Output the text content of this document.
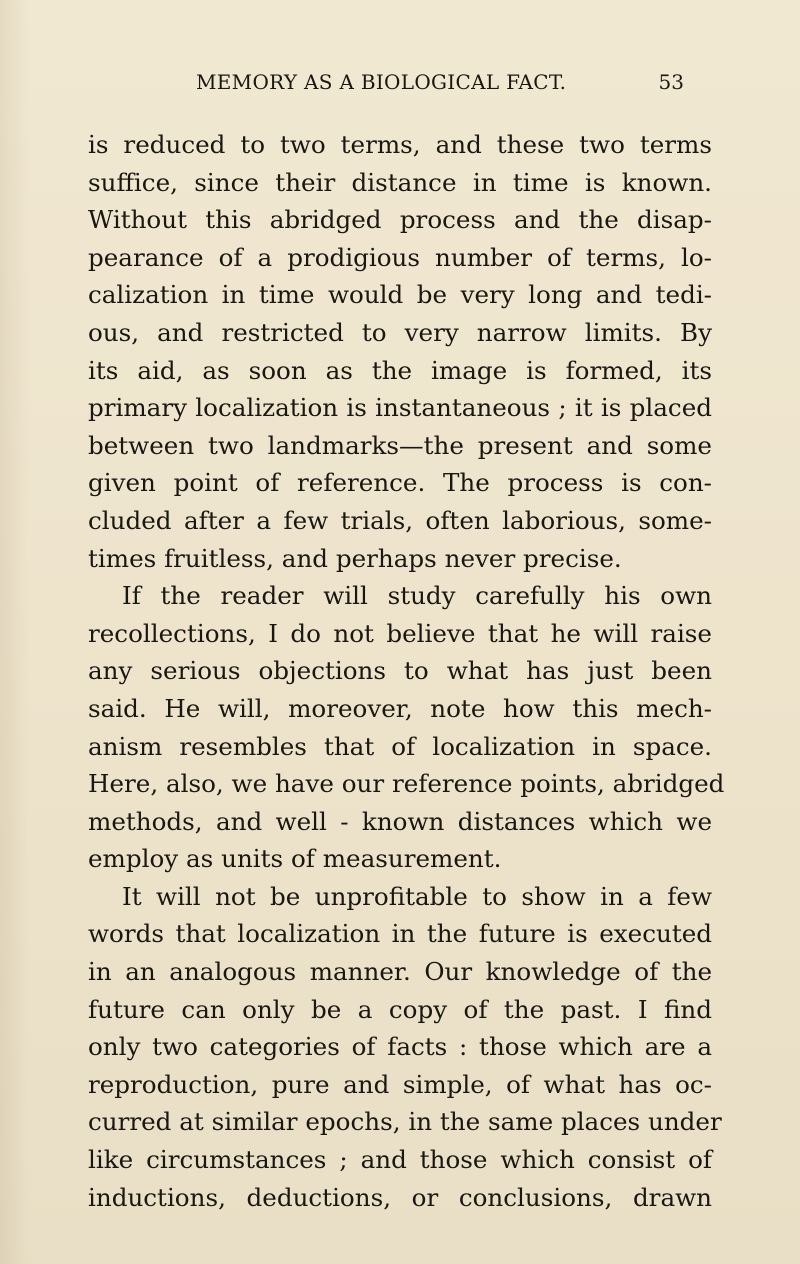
MEMORY AS A BIOLOGICAL FACT.	53
is reduced to two terms, and these two terms
suffice, since their distance in time is known.
Without this abridged process and the disap-
pearance of a prodigious number of terms, lo-
calization in time would be very long and tedi-
ous, and restricted to very narrow limits. By
its aid, as soon as the image is formed, its
primary localization is instantaneous ; it is placed
between two landmarks—the present and some
given point of reference. The process is con-
cluded after a few trials, often laborious, some-
times fruitless, and perhaps never precise.
If the reader will study carefully his own
recollections, I do not believe that he will raise
any serious objections to what has just been
said. He will, moreover, note how this mech-
anism resembles that of localization in space.
Here, also, we have our reference points, abridged
methods, and well - known distances which we
employ as units of measurement.
It will not be unprofitable to show in a few
words that localization in the future is executed
in an analogous manner. Our knowledge of the
future can only be a copy of the past. I find
only two categories of facts : those which are a
reproduction, pure and simple, of what has oc-
curred at similar epochs, in the same places under
like circumstances ; and those which consist of
inductions, deductions, or conclusions, drawn
